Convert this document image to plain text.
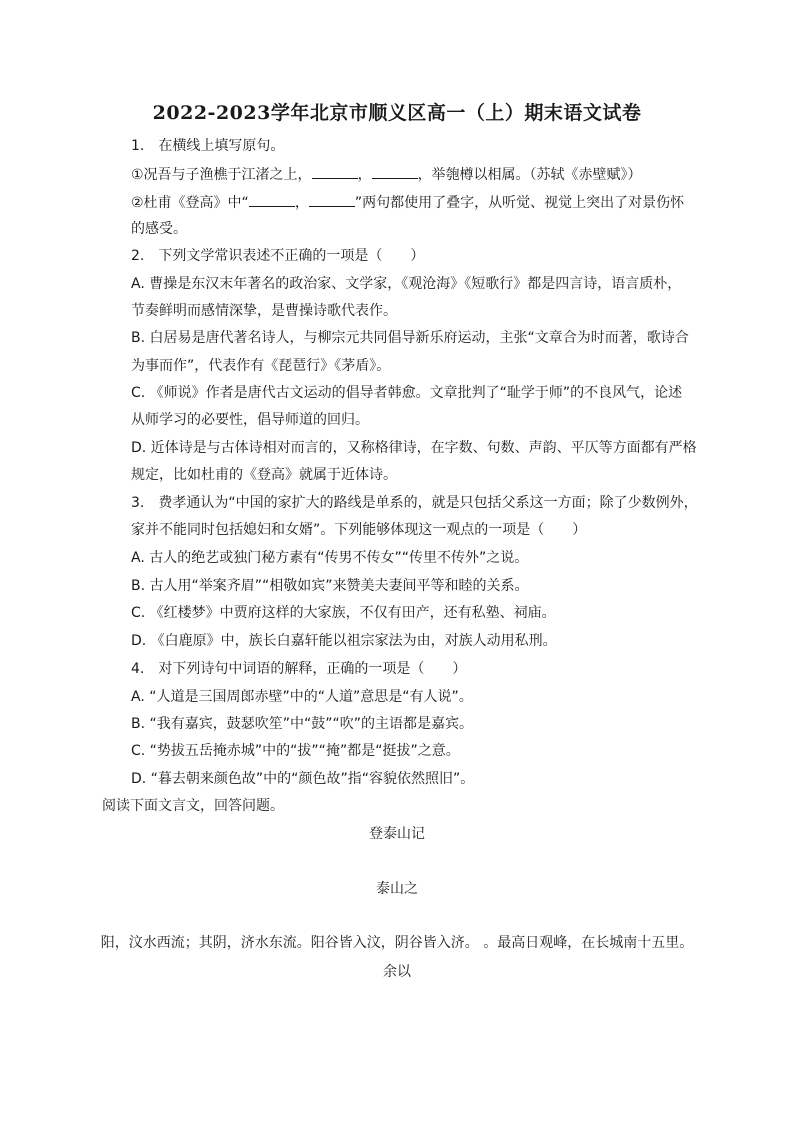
2022-2023学年北京市顺义区高一（上）期末语文试卷
1.　在横线上填写原句。
①况吾与子渔樵于江渚之上，	，	，举匏樽以相属。（苏轼《赤壁赋》）
②杜甫《登高》中“	，	”两句都使用了叠字，从听觉、视觉上突出了对景伤怀
的感受。
2.　下列文学常识表述不正确的一项是（　　）
A. 曹操是东汉末年著名的政治家、文学家，《观沧海》《短歌行》都是四言诗，语言质朴，
节奏鲜明而感情深挚，是曹操诗歌代表作。
B. 白居易是唐代著名诗人，与柳宗元共同倡导新乐府运动，主张“文章合为时而著，歌诗合
为事而作”，代表作有《琵琶行》《茅盾》。
C. 《师说》作者是唐代古文运动的倡导者韩愈。文章批判了“耻学于师”的不良风气，论述
从师学习的必要性，倡导师道的回归。
D. 近体诗是与古体诗相对而言的，又称格律诗，在字数、句数、声韵、平仄等方面都有严格
规定，比如杜甫的《登高》就属于近体诗。
3.　费孝通认为“中国的家扩大的路线是单系的，就是只包括父系这一方面；除了少数例外，
家并不能同时包括媳妇和女婿”。下列能够体现这一观点的一项是（　　）
A. 古人的绝艺或独门秘方素有“传男不传女”“传里不传外”之说。
B. 古人用“举案齐眉”“相敬如宾”来赞美夫妻间平等和睦的关系。
C. 《红楼梦》中贾府这样的大家族，不仅有田产，还有私塾、祠庙。
D. 《白鹿原》中，族长白嘉轩能以祖宗家法为由，对族人动用私刑。
4.　对下列诗句中词语的解释，正确的一项是（　　）
A. “人道是三国周郎赤壁”中的“人道”意思是“有人说”。
B. “我有嘉宾，鼓瑟吹笙”中“鼓”“吹”的主语都是嘉宾。
C. “势拔五岳掩赤城”中的“拔”“掩”都是“挺拔”之意。
D. “暮去朝来颜色故”中的“颜色故”指“容貌依然照旧”。
阅读下面文言文，回答问题。
登泰山记
泰山之
阳，汶水西流；其阴，济水东流。阳谷皆入汶，阴谷皆入济。 。最高日观峰，在长城南十五里。
余以
